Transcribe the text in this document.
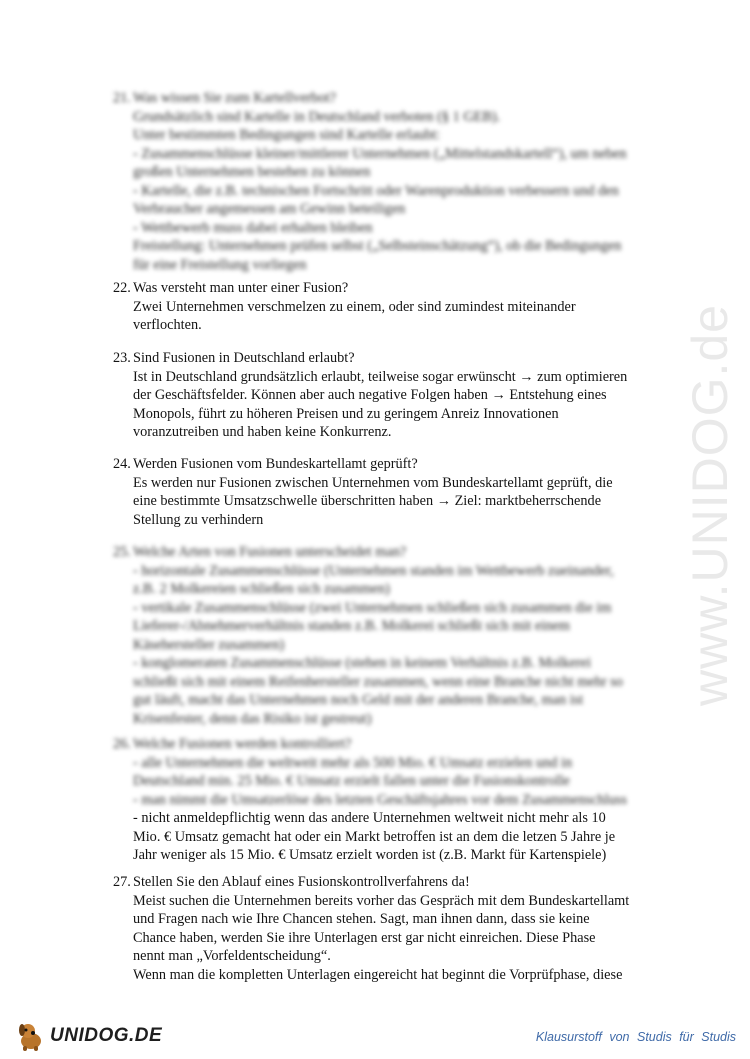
www.UNIDOG.de
21. Was wissen Sie zum Kartellverbot?
Grundsätzlich sind Kartelle in Deutschland verboten (§ 1 GEB).
Unter bestimmten Bedingungen sind Kartelle erlaubt:
- Zusammenschlüsse kleiner/mittlerer Unternehmen („Mittelstandskartell“), um neben
großen Unternehmen bestehen zu können
- Kartelle, die z.B. technischen Fortschritt oder Warenproduktion verbessern und den
Verbraucher angemessen am Gewinn beteiligen
- Wettbewerb muss dabei erhalten bleiben
Freistellung: Unternehmen prüfen selbst („Selbsteinschätzung“), ob die Bedingungen
für eine Freistellung vorliegen
22. Was versteht man unter einer Fusion?
Zwei Unternehmen verschmelzen zu einem, oder sind zumindest miteinander
verflochten.
23. Sind Fusionen in Deutschland erlaubt?
Ist in Deutschland grundsätzlich erlaubt, teilweise sogar erwünscht → zum optimieren
der Geschäftsfelder. Können aber auch negative Folgen haben → Entstehung eines
Monopols, führt zu höheren Preisen und zu geringem Anreiz Innovationen
voranzutreiben und haben keine Konkurrenz.
24. Werden Fusionen vom Bundeskartellamt geprüft?
Es werden nur Fusionen zwischen Unternehmen vom Bundeskartellamt geprüft, die
eine bestimmte Umsatzschwelle überschritten haben → Ziel: marktbeherrschende
Stellung zu verhindern
25. Welche Arten von Fusionen unterscheidet man?
- horizontale Zusammenschlüsse (Unternehmen standen im Wettbewerb zueinander,
z.B. 2 Molkereien schließen sich zusammen)
- vertikale Zusammenschlüsse (zwei Unternehmen schließen sich zusammen die im
Lieferer-/Abnehmerverhältnis standen z.B. Molkerei schließt sich mit einem
Käsehersteller zusammen)
- konglomeraten Zusammenschlüsse (stehen in keinem Verhältnis z.B. Molkerei
schließt sich mit einem Reifenhersteller zusammen, wenn eine Branche nicht mehr so
gut läuft, macht das Unternehmen noch Geld mit der anderen Branche, man ist
Krisenfester, denn das Risiko ist gestreut)
26. Welche Fusionen werden kontrolliert?
- alle Unternehmen die weltweit mehr als 500 Mio. € Umsatz erzielen und in
Deutschland min. 25 Mio. € Umsatz erzielt fallen unter die Fusionskontrolle
- man nimmt die Umsatzerlöse des letzten Geschäftsjahres vor dem Zusammenschluss
- nicht anmeldepflichtig wenn das andere Unternehmen weltweit nicht mehr als 10
Mio. € Umsatz gemacht hat oder ein Markt betroffen ist an dem die letzen 5 Jahre je
Jahr weniger als 15 Mio. € Umsatz erzielt worden ist (z.B. Markt für Kartenspiele)
27. Stellen Sie den Ablauf eines Fusionskontrollverfahrens da!
Meist suchen die Unternehmen bereits vorher das Gespräch mit dem Bundeskartellamt
und Fragen nach wie Ihre Chancen stehen. Sagt, man ihnen dann, dass sie keine
Chance haben, werden Sie ihre Unterlagen erst gar nicht einreichen. Diese Phase
nennt man „Vorfeldentscheidung“.
Wenn man die kompletten Unterlagen eingereicht hat beginnt die Vorprüfphase, diese
UNIDOG.DE	Klausurstoff von Studis für Studis
